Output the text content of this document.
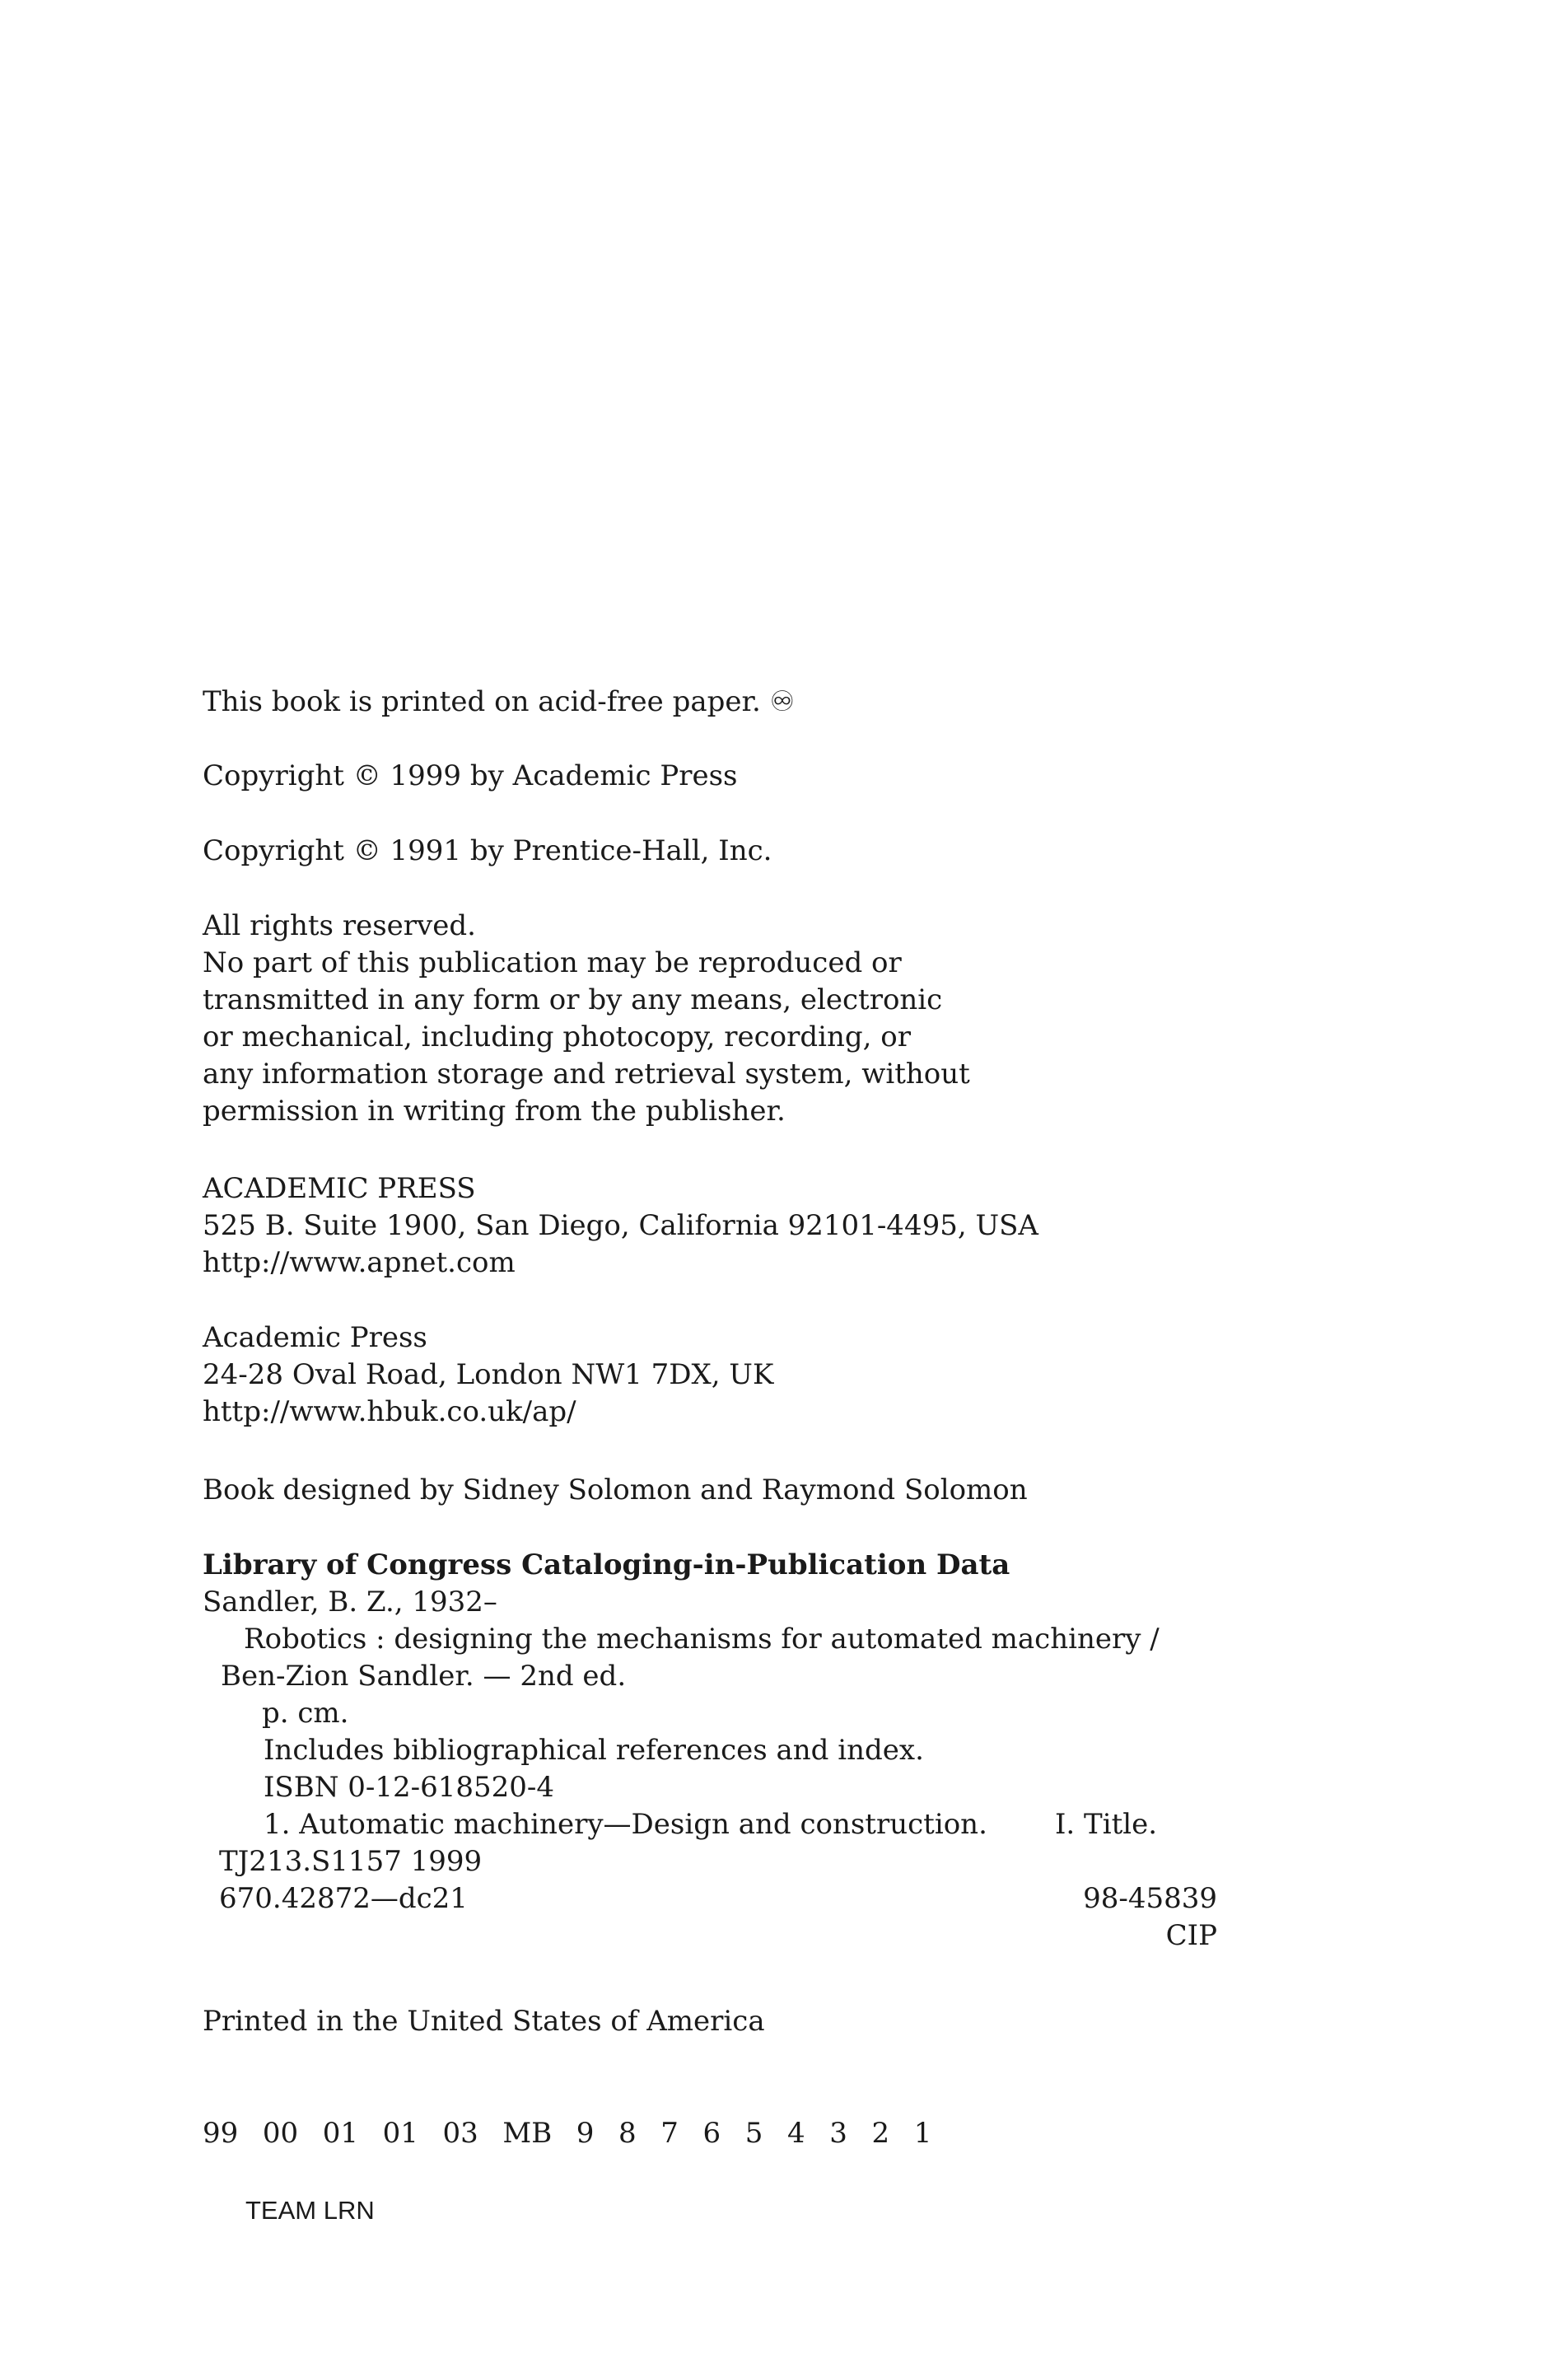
This book is printed on acid-free paper. ♾
Copyright © 1999 by Academic Press
Copyright © 1991 by Prentice-Hall, Inc.
All rights reserved.
No part of this publication may be reproduced or
transmitted in any form or by any means, electronic
or mechanical, including photocopy, recording, or
any information storage and retrieval system, without
permission in writing from the publisher.
ACADEMIC PRESS
525 B. Suite 1900, San Diego, California 92101-4495, USA
http://www.apnet.com
Academic Press
24-28 Oval Road, London NW1 7DX, UK
http://www.hbuk.co.uk/ap/
Book designed by Sidney Solomon and Raymond Solomon
Library of Congress Cataloging-in-Publication Data
Sandler, B. Z., 1932–
Robotics : designing the mechanisms for automated machinery /
Ben-Zion Sandler. — 2nd ed.
p. cm.
Includes bibliographical references and index.
ISBN 0-12-618520-4
1. Automatic machinery—Design and construction. I. Title.
TJ213.S1157 1999
670.42872—dc21	98-45839
CIP
Printed in the United States of America
99  00  01  01  03  MB  9  8  7  6  5  4  3  2  1
TEAM LRN
